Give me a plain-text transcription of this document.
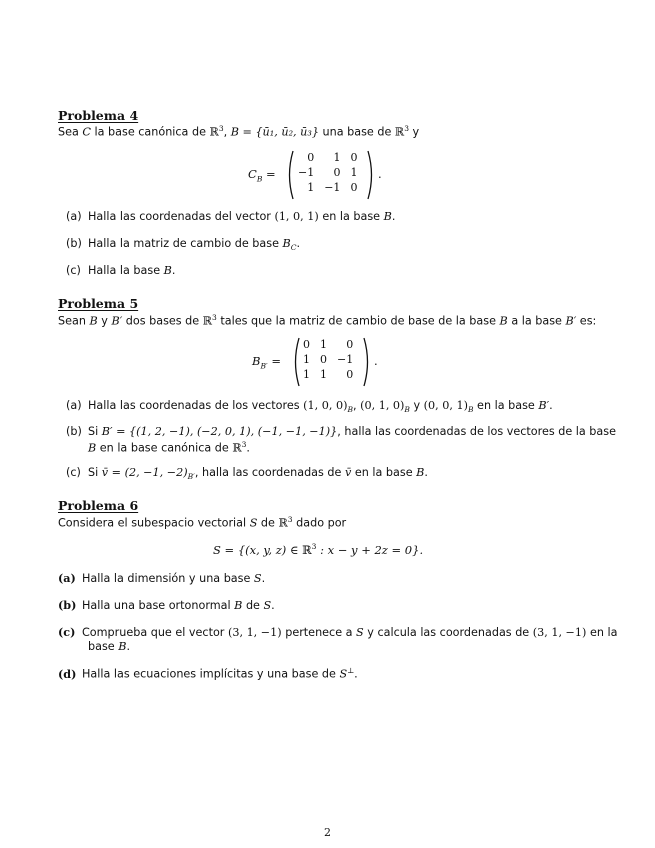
Problema 4
Sea C la base canónica de ℝ$^3$, B = {ū₁, ū₂, ū₃} una base de ℝ$^3$ y
$C_B$ =
0	1	0
−1	0	1
1	−1	0
.
(a) Halla las coordenadas del vector (1, 0, 1) en la base B.
(b) Halla la matriz de cambio de base $B_C$.
(c) Halla la base B.
Problema 5
Sean B y B′ dos bases de ℝ$^3$ tales que la matriz de cambio de base de la base B a la base B′ es:
$B_{B'}$ =
0	1	0
1	0	−1
1	1	0
.
(a) Halla las coordenadas de los vectores (1, 0, $0)_B$, (0, 1, $0)_B$ y (0, 0, $1)_B$ en la base B′.
(b) Si B′ = {(1, 2, −1), (−2, 0, 1), (−1, −1, −1)}, halla las coordenadas de los vectores de la base
B en la base canónica de ℝ$^3$.
(c) Si v̄ = (2, −1, $-2)_{B'}$, halla las coordenadas de v̄ en la base B.
Problema 6
Considera el subespacio vectorial S de ℝ$^3$ dado por
S = {(x, y, z) ∈ ℝ$^3$ : x − y + 2z = 0}.
(a) Halla la dimensión y una base S.
(b) Halla una base ortonormal B de S.
(c) Comprueba que el vector (3, 1, −1) pertenece a S y calcula las coordenadas de (3, 1, −1) en la
base B.
(d) Halla las ecuaciones implícitas y una base de S⊥.
2
